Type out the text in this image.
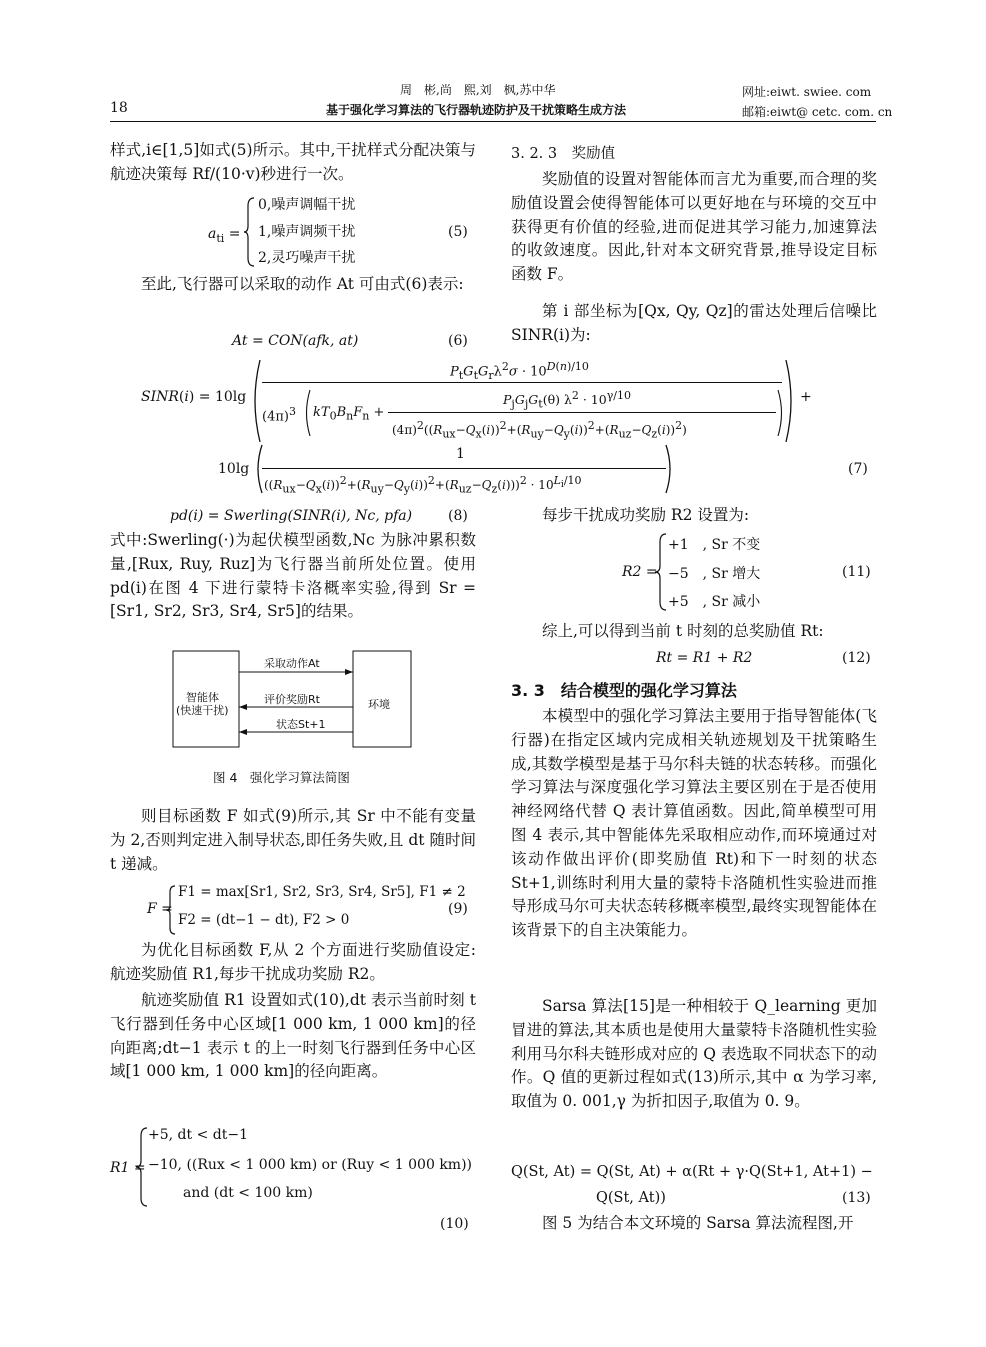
18
周　彬,尚　熙,刘　枫,苏中华
基于强化学习算法的飞行器轨迹防护及干扰策略生成方法
网址:eiwt. swiee. com
邮箱:eiwt@ cetc. com. cn

样式,i∈[1,5]如式(5)所示。其中,干扰样式分配决策与航迹决策每 Rf/(10·v)秒进行一次。

$a_{ti}$ =
0,噪声调幅干扰
1,噪声调频干扰
2,灵巧噪声干扰
(5)

至此,飞行器可以采取的动作 At 可由式(6)表示:

At = CON(afk, at)	(6)
SINR(i) = 10lg
$P_tG_tG_r\lambda^2\sigma \cdot 10^{D(n)/10}$
$(4\pi)^3$ $kT_0B_nF_n$ +
$P_jG_jG_t(\theta) \lambda^2 \cdot 10^{\gamma/10}$
$(4\pi)^2((R_{ux}-Q_x(i))^2+(R_{uy}-Q_y(i))^2+(R_{uz}-Q_z(i))^2)$
+
10lg
1
$((R_{ux}-Q_x(i))^2+(R_{uy}-Q_y(i))^2+(R_{uz}-Q_z(i)))^2 \cdot 10^{L_i/10}$
(7)
pd(i) = Swerling(SINR(i), Nc, pfa)	(8)

式中:Swerling(·)为起伏模型函数,Nc 为脉冲累积数量,[Rux, Ruy, Ruz]为飞行器当前所处位置。使用 pd(i)在图 4 下进行蒙特卡洛概率实验,得到 Sr = [Sr1, Sr2, Sr3, Sr4, Sr5]的结果。

智能体
(快速干扰)	环境
采取动作At
评价奖励Rt
状态St+1
图 4　强化学习算法简图

则目标函数 F 如式(9)所示,其 Sr 中不能有变量为 2,否则判定进入制导状态,即任务失败,且 dt 随时间 t 递减。

F =
F1 = max[Sr1, Sr2, Sr3, Sr4, Sr5], F1 ≠ 2
F2 = (dt−1 − dt), F2 > 0
(9)

为优化目标函数 F,从 2 个方面进行奖励值设定:航迹奖励值 R1,每步干扰成功奖励 R2。

航迹奖励值 R1 设置如式(10),dt 表示当前时刻 t 飞行器到任务中心区域[1 000 km, 1 000 km]的径向距离;dt−1 表示 t 的上一时刻飞行器到任务中心区域[1 000 km, 1 000 km]的径向距离。

R1 =
+5, dt < dt−1
−10, ((Rux < 1 000 km) or (Ruy < 1 000 km))
and (dt < 100 km)
(10)
3. 2. 3　奖励值

奖励值的设置对智能体而言尤为重要,而合理的奖励值设置会使得智能体可以更好地在与环境的交互中获得更有价值的经验,进而促进其学习能力,加速算法的收敛速度。因此,针对本文研究背景,推导设定目标函数 F。

第 i 部坐标为[Qx, Qy, Qz]的雷达处理后信噪比 SINR(i)为:

每步干扰成功奖励 R2 设置为:

R2 =
+1　, Sr 不变
−5　, Sr 增大
+5　, Sr 减小
(11)

综上,可以得到当前 t 时刻的总奖励值 Rt:

Rt = R1 + R2	(12)
3. 3　结合模型的强化学习算法

本模型中的强化学习算法主要用于指导智能体(飞行器)在指定区域内完成相关轨迹规划及干扰策略生成,其数学模型是基于马尔科夫链的状态转移。而强化学习算法与深度强化学习算法主要区别在于是否使用神经网络代替 Q 表计算值函数。因此,简单模型可用图 4 表示,其中智能体先采取相应动作,而环境通过对该动作做出评价(即奖励值 Rt)和下一时刻的状态 St+1,训练时利用大量的蒙特卡洛随机性实验进而推导形成马尔可夫状态转移概率模型,最终实现智能体在该背景下的自主决策能力。

Sarsa 算法[15]是一种相较于 Q_learning 更加冒进的算法,其本质也是使用大量蒙特卡洛随机性实验利用马尔科夫链形成对应的 Q 表选取不同状态下的动作。Q 值的更新过程如式(13)所示,其中 α 为学习率,取值为 0. 001,γ 为折扣因子,取值为 0. 9。

Q(St, At) = Q(St, At) + α(Rt + γ·Q(St+1, At+1) −
Q(St, At))	(13)

图 5 为结合本文环境的 Sarsa 算法流程图,开
